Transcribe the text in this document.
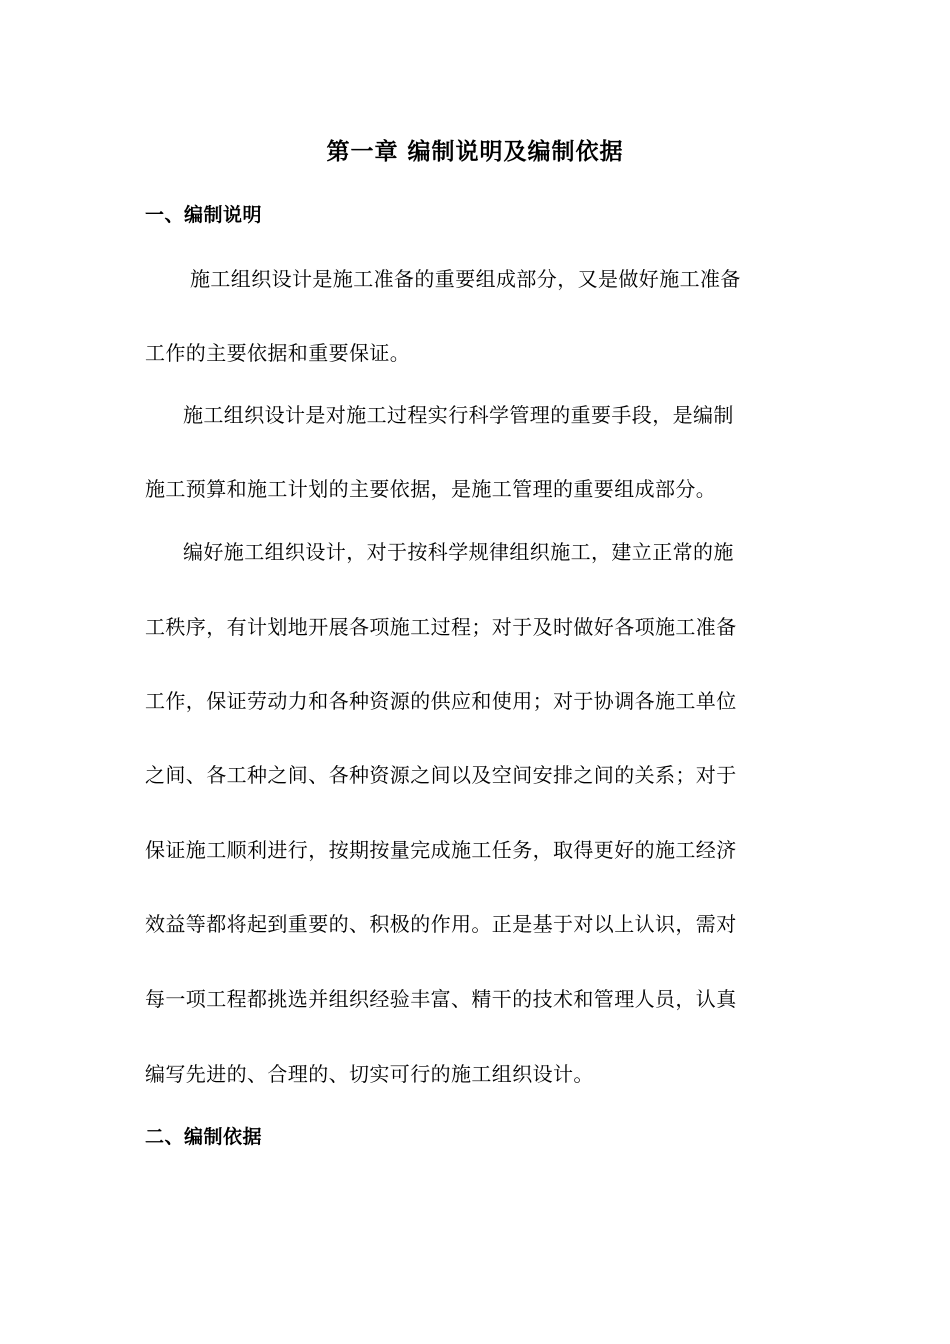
第一章 编制说明及编制依据
一、编制说明
施工组织设计是施工准备的重要组成部分，又是做好施工准备
工作的主要依据和重要保证。
施工组织设计是对施工过程实行科学管理的重要手段，是编制
施工预算和施工计划的主要依据，是施工管理的重要组成部分。
编好施工组织设计，对于按科学规律组织施工，建立正常的施
工秩序，有计划地开展各项施工过程；对于及时做好各项施工准备
工作，保证劳动力和各种资源的供应和使用；对于协调各施工单位
之间、各工种之间、各种资源之间以及空间安排之间的关系；对于
保证施工顺利进行，按期按量完成施工任务，取得更好的施工经济
效益等都将起到重要的、积极的作用。正是基于对以上认识，需对
每一项工程都挑选并组织经验丰富、精干的技术和管理人员，认真
编写先进的、合理的、切实可行的施工组织设计。
二、编制依据
